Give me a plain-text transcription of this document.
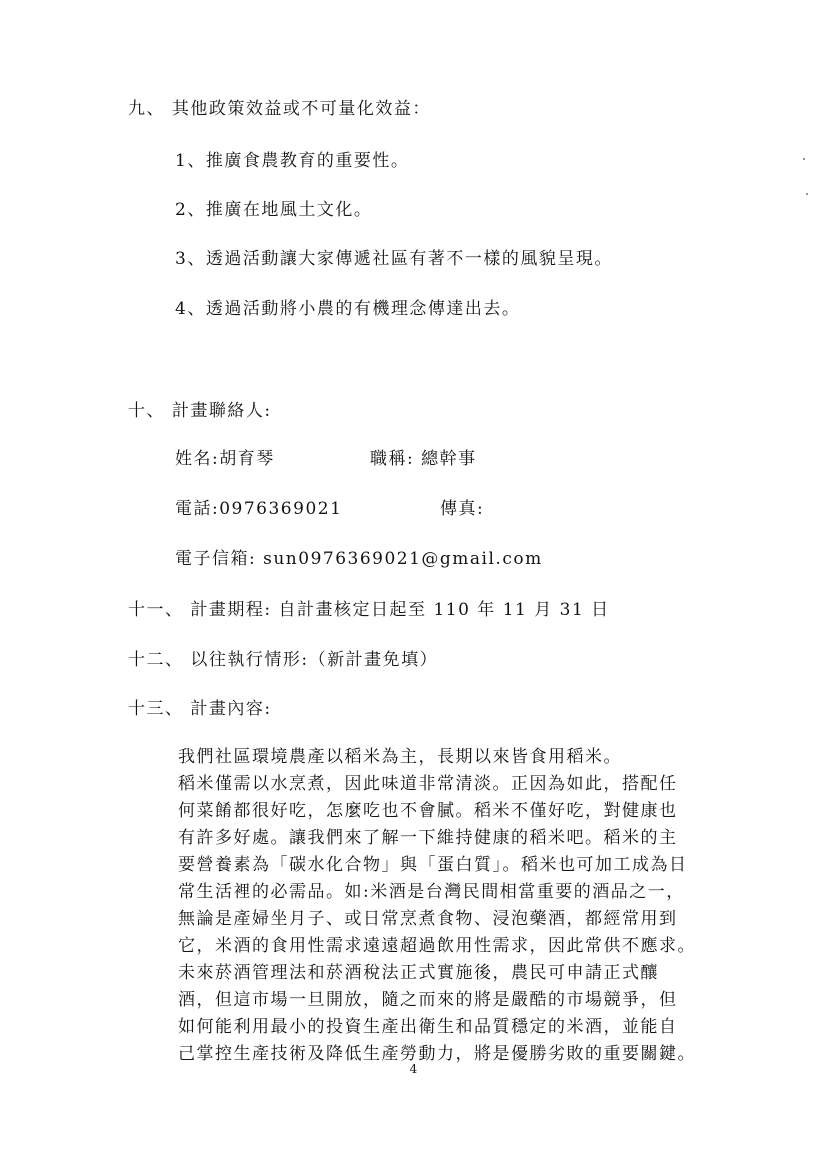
九、 其他政策效益或不可量化效益：
1、推廣食農教育的重要性。
2、推廣在地風土文化。
3、透過活動讓大家傳遞社區有著不一樣的風貌呈現。
4、透過活動將小農的有機理念傳達出去。
十、 計畫聯絡人:
姓名:胡育琴	職稱: 總幹事
電話:0976369021	傳真:
電子信箱: sun0976369021@gmail.com
十一、 計畫期程: 自計畫核定日起至 110 年 11 月 31 日
十二、 以往執行情形:（新計畫免填）
十三、 計畫內容:
我們社區環境農產以稻米為主，長期以來皆食用稻米。
稻米僅需以水烹煮，因此味道非常清淡。正因為如此，搭配任
何菜餚都很好吃，怎麼吃也不會膩。稻米不僅好吃，對健康也
有許多好處。讓我們來了解一下維持健康的稻米吧。稻米的主
要營養素為「碳水化合物」與「蛋白質」。稻米也可加工成為日
常生活裡的必需品。如:米酒是台灣民間相當重要的酒品之一，
無論是產婦坐月子、或日常烹煮食物、浸泡藥酒，都經常用到
它，米酒的食用性需求遠遠超過飲用性需求，因此常供不應求。
未來菸酒管理法和菸酒稅法正式實施後，農民可申請正式釀
酒，但這市場一旦開放，隨之而來的將是嚴酷的市場競爭，但
如何能利用最小的投資生產出衛生和品質穩定的米酒，並能自
己掌控生產技術及降低生產勞動力，將是優勝劣敗的重要關鍵。
4
